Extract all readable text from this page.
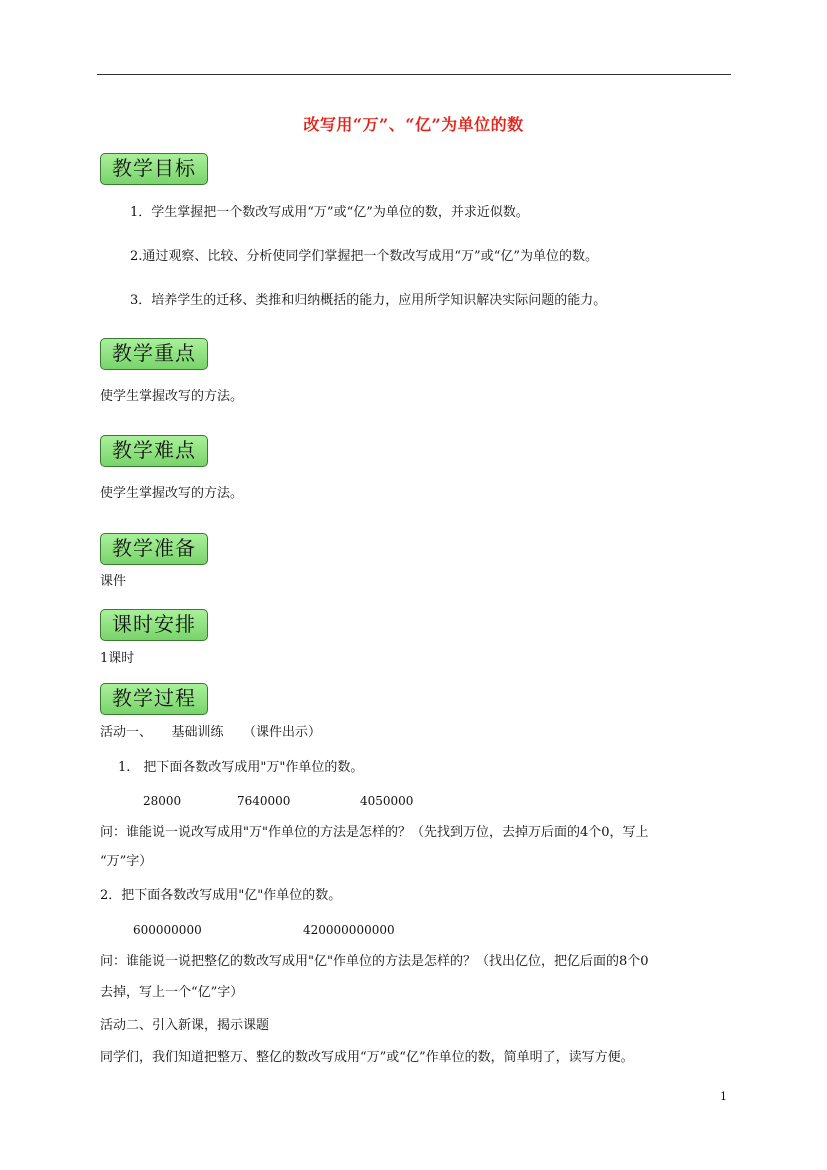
改写用“万”、“亿”为单位的数
教学目标
1．学生掌握把一个数改写成用“万”或“亿”为单位的数，并求近似数。
2.通过观察、比较、分析使同学们掌握把一个数改写成用“万”或“亿”为单位的数。
3．培养学生的迁移、类推和归纳概括的能力，应用所学知识解决实际问题的能力。
教学重点
使学生掌握改写的方法。
教学难点
使学生掌握改写的方法。
教学准备
课件
课时安排
1课时
教学过程
活动一、　　基础训练　　（课件出示）
1.　把下面各数改写成用"万"作单位的数。
28000	7640000	4050000
问：谁能说一说改写成用"万"作单位的方法是怎样的？（先找到万位，去掉万后面的4个0，写上
“万”字）
2．把下面各数改写成用"亿"作单位的数。
600000000	420000000000
问：谁能说一说把整亿的数改写成用"亿"作单位的方法是怎样的？（找出亿位，把亿后面的8个0
去掉，写上一个“亿”字）
活动二、引入新课，揭示课题
同学们，我们知道把整万、整亿的数改写成用“万”或“亿”作单位的数，简单明了，读写方便。
1
